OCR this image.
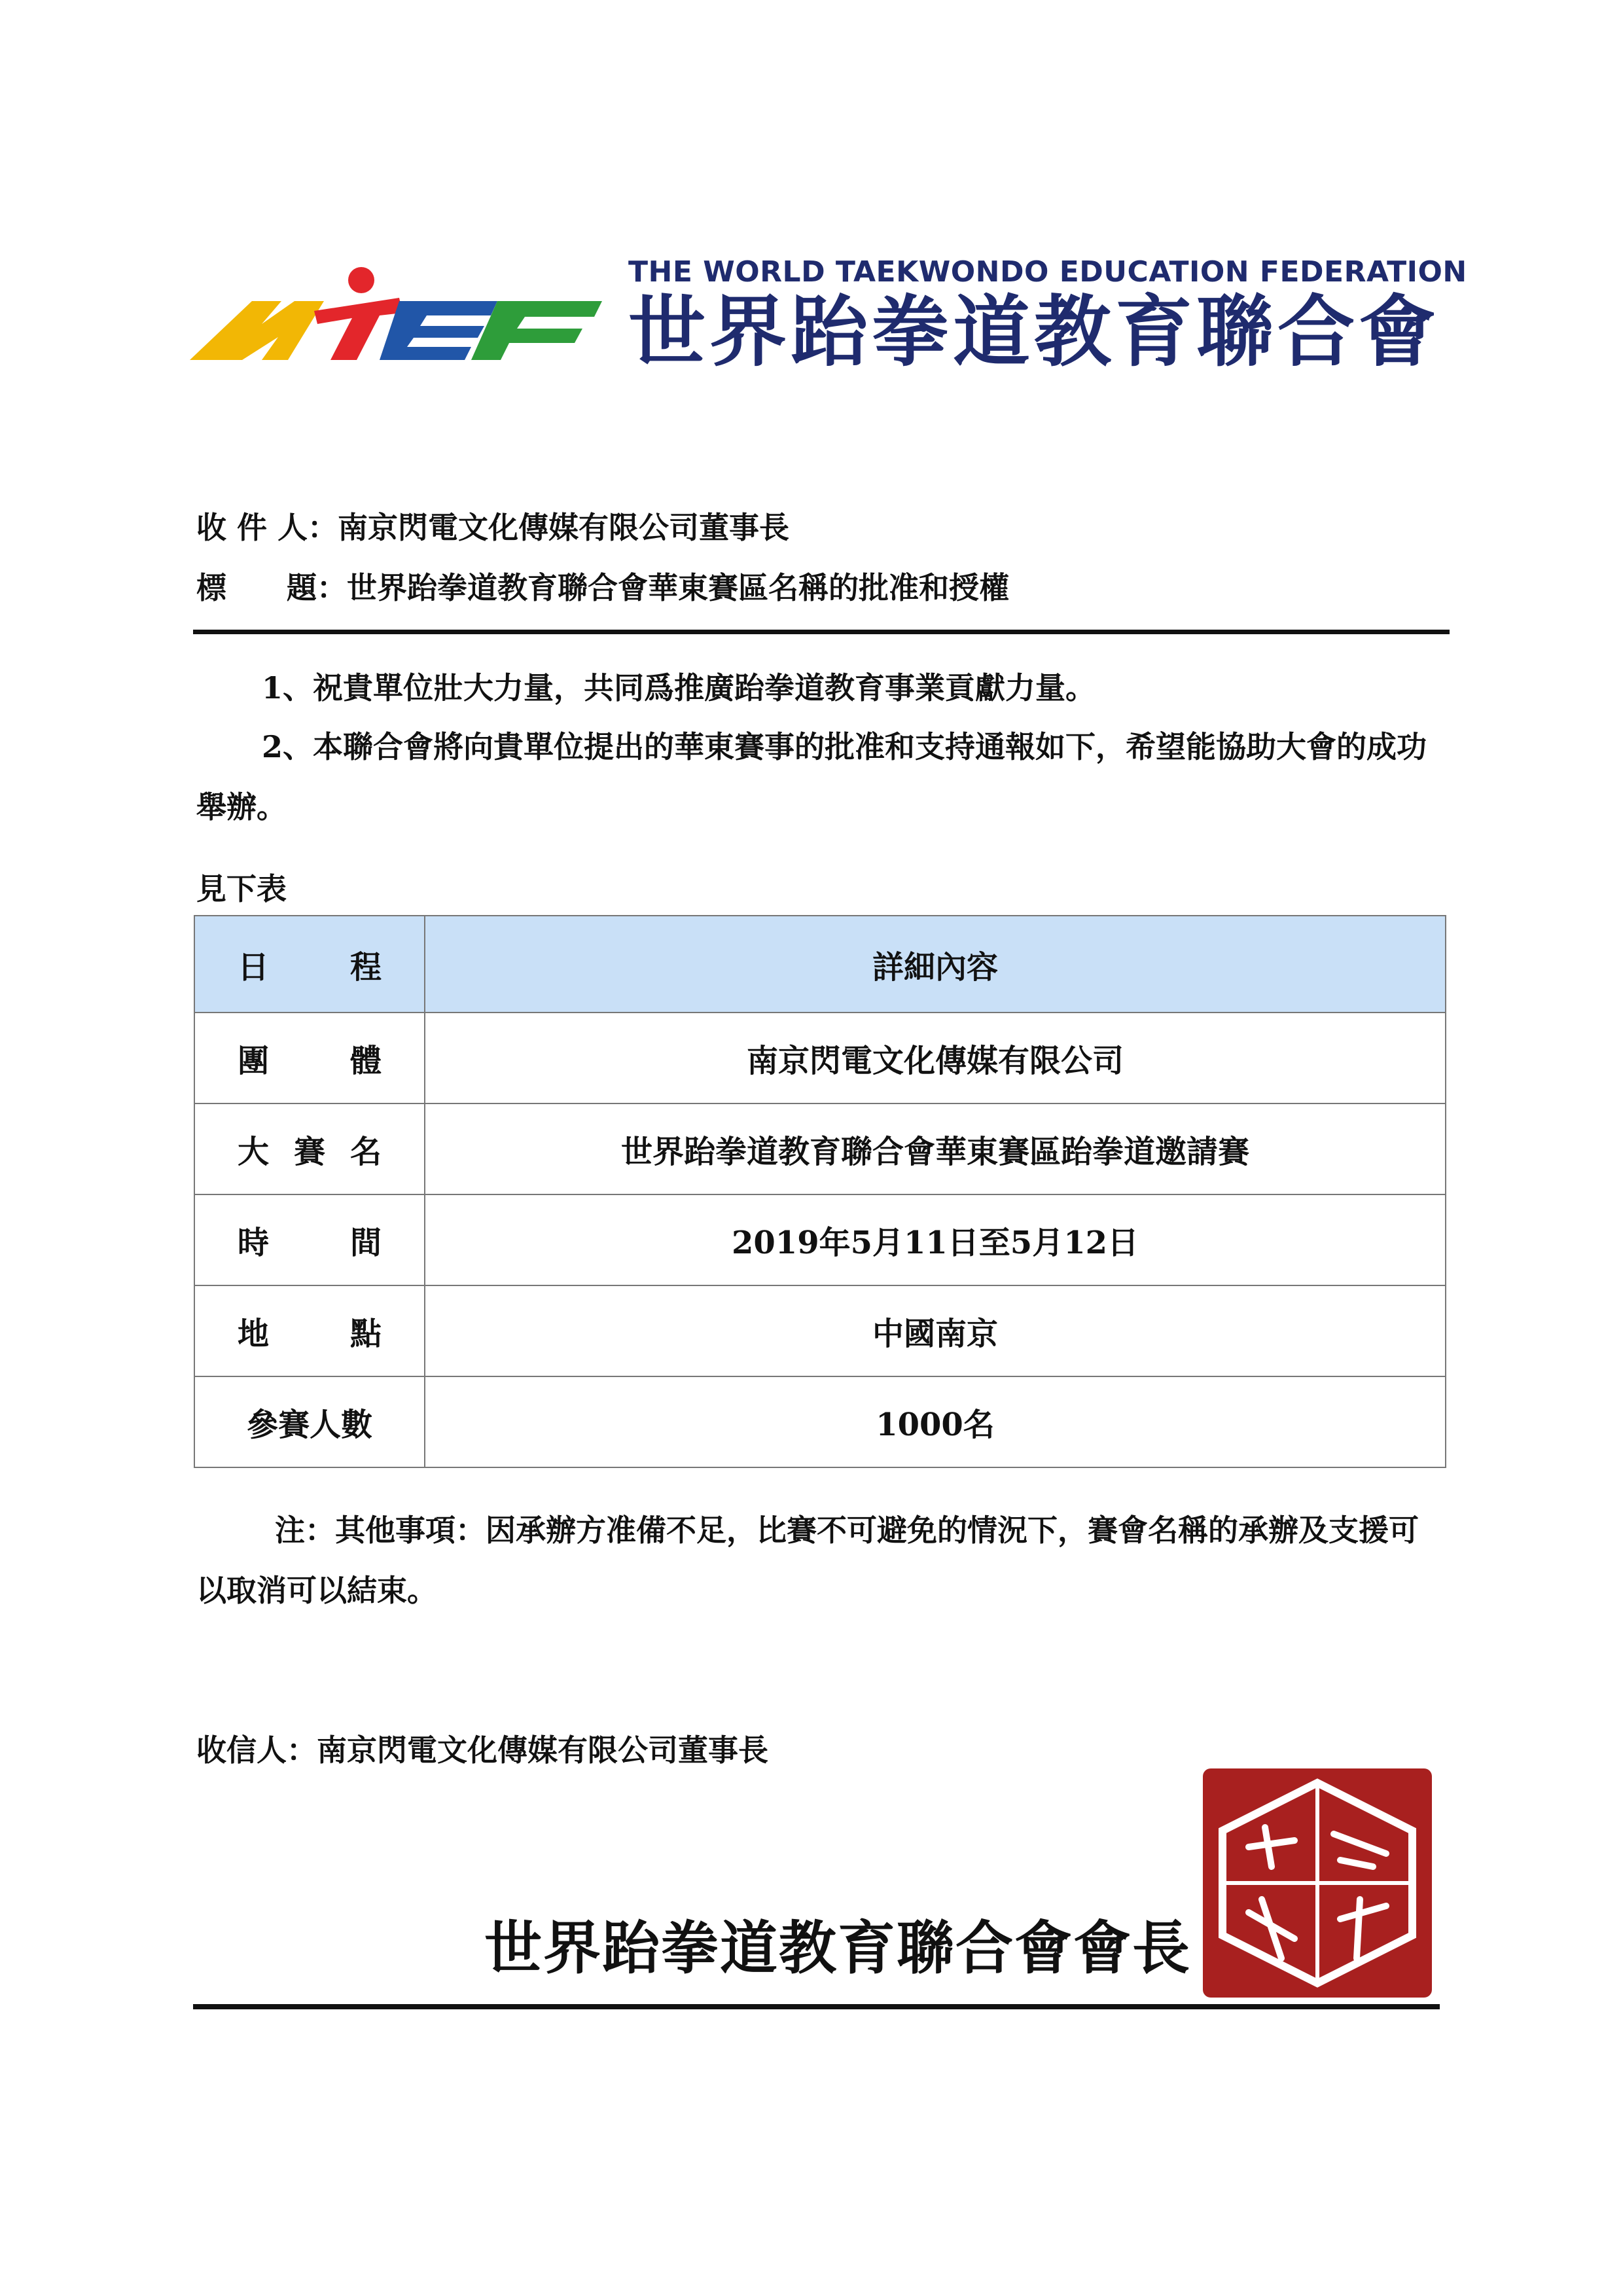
THE WORLD TAEKWONDO EDUCATION FEDERATION
世界跆拳道教育聯合會
收 件 人：南京閃電文化傳媒有限公司董事長
標　　題：世界跆拳道教育聯合會華東賽區名稱的批准和授權
1、祝貴單位壯大力量，共同爲推廣跆拳道教育事業貢獻力量。
2、本聯合會將向貴單位提出的華東賽事的批准和支持通報如下，希望能協助大會的成功舉辦。
見下表
日 程	詳細內容

團 體	南京閃電文化傳媒有限公司

大 賽 名	世界跆拳道教育聯合會華東賽區跆拳道邀請賽

時 間	2019年5月11日至5月12日

地 點	中國南京
參賽人數	1000名
注：其他事項：因承辦方准備不足，比賽不可避免的情況下，賽會名稱的承辦及支援可以取消可以結束。
收信人：南京閃電文化傳媒有限公司董事長
世界跆拳道教育聯合會會長
